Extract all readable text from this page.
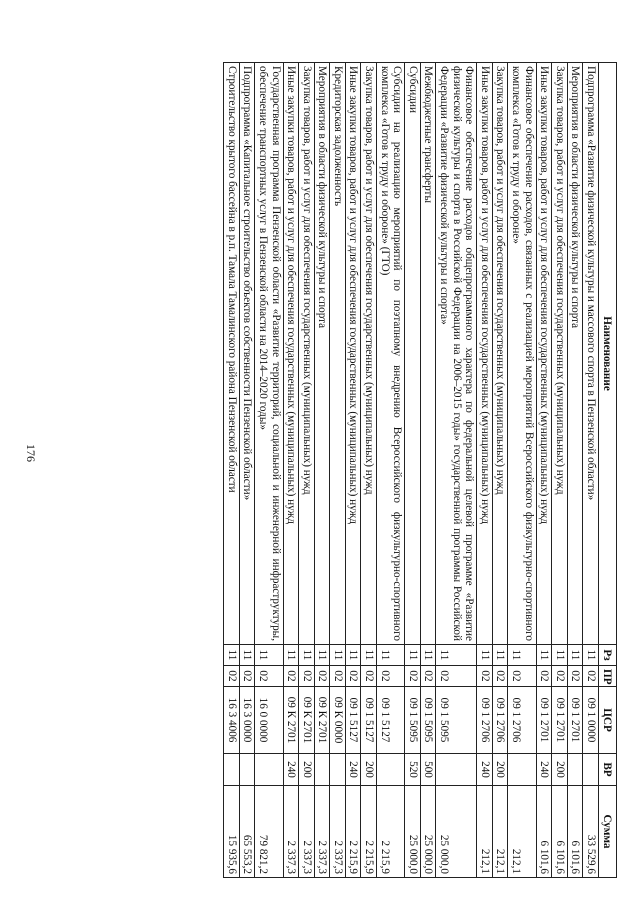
176
Наименование	Рз	ПР	ЦСР	ВР	Сумма
Подпрограмма «Развитие физической культуры и массового спорта в Пензенской области»	11	02	09 1 0000		33 529,6
Мероприятия в области физической культуры и спорта	11	02	09 1 2701		6 101,6
Закупка товаров, работ и услуг для обеспечения государственных (муниципальных) нужд	11	02	09 1 2701	200	6 101,6
Иные закупки товаров, работ и услуг для обеспечения государственных (муниципальных) нужд	11	02	09 1 2701	240	6 101,6
Финансовое обеспечение расходов, связанных с реализацией мероприятий Всероссийского физкультурно-спортивного комплекса «Готов к труду и обороне»	11	02	09 1 2706		212,1
Закупка товаров, работ и услуг для обеспечения государственных (муниципальных) нужд	11	02	09 1 2706	200	212,1
Иные закупки товаров, работ и услуг для обеспечения государственных (муниципальных) нужд	11	02	09 1 2706	240	212,1
Финансовое обеспечение расходов общепрограммного характера по федеральной целевой программе «Развитие физической культуры и спорта в Российской Федерации на 2006–2015 годы» государственной программы Российской Федерации «Развитие физической культуры и спорта»	11	02	09 1 5095		25 000,0
Межбюджетные трансферты	11	02	09 1 5095	500	25 000,0
Субсидии	11	02	09 1 5095	520	25 000,0
Субсидии на реализацию мероприятий по поэтапному внедрению Всероссийского физкультурно-спортивного комплекса «Готов к труду и обороне» (ГТО)	11	02	09 1 5127		2 215,9
Закупка товаров, работ и услуг для обеспечения государственных (муниципальных) нужд	11	02	09 1 5127	200	2 215,9
Иные закупки товаров, работ и услуг для обеспечения государственных (муниципальных) нужд	11	02	09 1 5127	240	2 215,9
Кредиторская задолженность	11	02	09 К 0000		2 337,3
Мероприятия в области физической культуры и спорта	11	02	09 К 2701		2 337,3
Закупка товаров, работ и услуг для обеспечения государственных (муниципальных) нужд	11	02	09 К 2701	200	2 337,3
Иные закупки товаров, работ и услуг для обеспечения государственных (муниципальных) нужд	11	02	09 К 2701	240	2 337,3
Государственная программа Пензенской области «Развитие территорий, социальной и инженерной инфраструктуры, обеспечение транспортных услуг в Пензенской области на 2014–2020 годы»	11	02	16 0 0000		79 821,2
Подпрограмма «Капитальное строительство объектов собственности Пензенской области»	11	02	16 3 0000		65 553,2
Строительство крытого бассейна в р.п. Тамала Тамалинского района Пензенской области	11	02	16 3 4006		15 935,6
